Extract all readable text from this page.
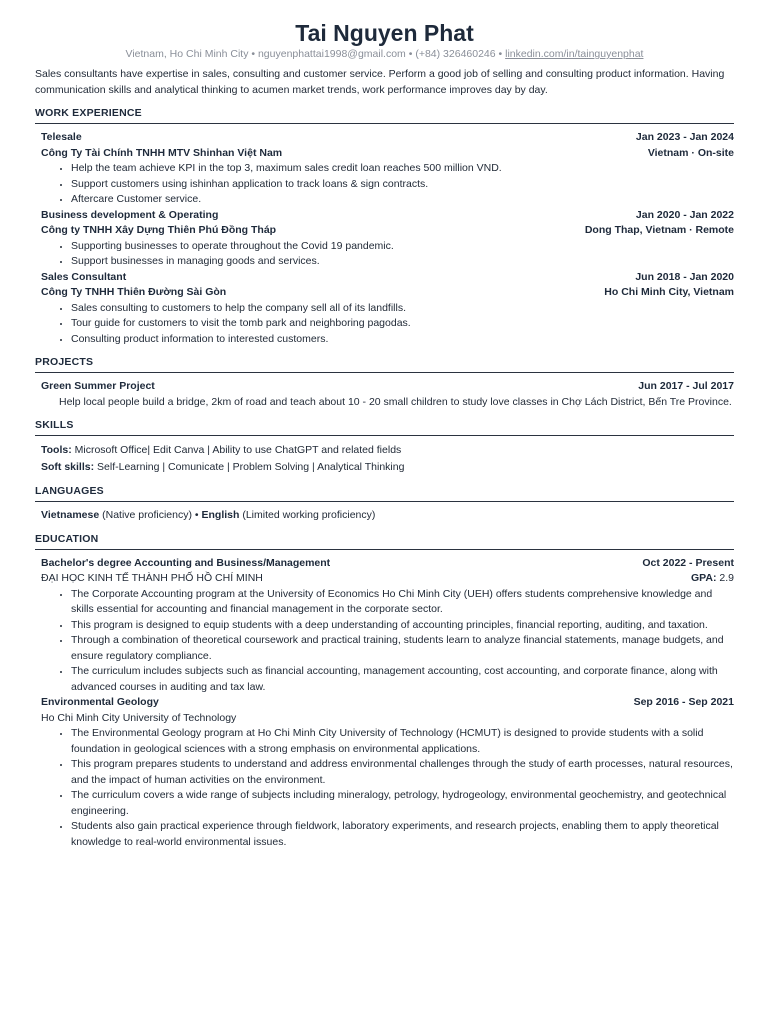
Tai Nguyen Phat
Vietnam, Ho Chi Minh City • nguyenphattai1998@gmail.com • (+84) 326460246 • linkedin.com/in/tainguyenphat
Sales consultants have expertise in sales, consulting and customer service. Perform a good job of selling and consulting product information. Having communication skills and analytical thinking to acumen market trends, work performance improves day by day.
WORK EXPERIENCE
Telesale	Jan 2023 - Jan 2024
Công Ty Tài Chính TNHH MTV Shinhan Việt Nam	Vietnam · On-site
• Help the team achieve KPI in the top 3, maximum sales credit loan reaches 500 million VND.
• Support customers using ishinhan application to track loans & sign contracts.
• Aftercare Customer service.
Business development & Operating	Jan 2020 - Jan 2022
Công ty TNHH Xây Dựng Thiên Phú Đồng Tháp	Dong Thap, Vietnam · Remote
• Supporting businesses to operate throughout the Covid 19 pandemic.
• Support businesses in managing goods and services.
Sales Consultant	Jun 2018 - Jan 2020
Công Ty TNHH Thiên Đường Sài Gòn	Ho Chi Minh City, Vietnam
• Sales consulting to customers to help the company sell all of its landfills.
• Tour guide for customers to visit the tomb park and neighboring pagodas.
• Consulting product information to interested customers.
PROJECTS
Green Summer Project	Jun 2017 - Jul 2017
Help local people build a bridge, 2km of road and teach about 10 - 20 small children to study love classes in Chợ Lách District, Bến Tre Province.
SKILLS
Tools: Microsoft Office| Edit Canva | Ability to use ChatGPT and related fields
Soft skills: Self-Learning | Comunicate | Problem Solving | Analytical Thinking
LANGUAGES
Vietnamese (Native proficiency) • English (Limited working proficiency)
EDUCATION
Bachelor's degree Accounting and Business/Management	Oct 2022 - Present
ĐẠI HỌC KINH TẾ THÀNH PHỐ HỒ CHÍ MINH	GPA: 2.9
• The Corporate Accounting program at the University of Economics Ho Chi Minh City (UEH) offers students comprehensive knowledge and skills essential for accounting and financial management in the corporate sector.
• This program is designed to equip students with a deep understanding of accounting principles, financial reporting, auditing, and taxation.
• Through a combination of theoretical coursework and practical training, students learn to analyze financial statements, manage budgets, and ensure regulatory compliance.
• The curriculum includes subjects such as financial accounting, management accounting, cost accounting, and corporate finance, along with advanced courses in auditing and tax law.
Environmental Geology	Sep 2016 - Sep 2021
Ho Chi Minh City University of Technology
• The Environmental Geology program at Ho Chi Minh City University of Technology (HCMUT) is designed to provide students with a solid foundation in geological sciences with a strong emphasis on environmental applications.
• This program prepares students to understand and address environmental challenges through the study of earth processes, natural resources, and the impact of human activities on the environment.
• The curriculum covers a wide range of subjects including mineralogy, petrology, hydrogeology, environmental geochemistry, and geotechnical engineering.
• Students also gain practical experience through fieldwork, laboratory experiments, and research projects, enabling them to apply theoretical knowledge to real-world environmental issues.
